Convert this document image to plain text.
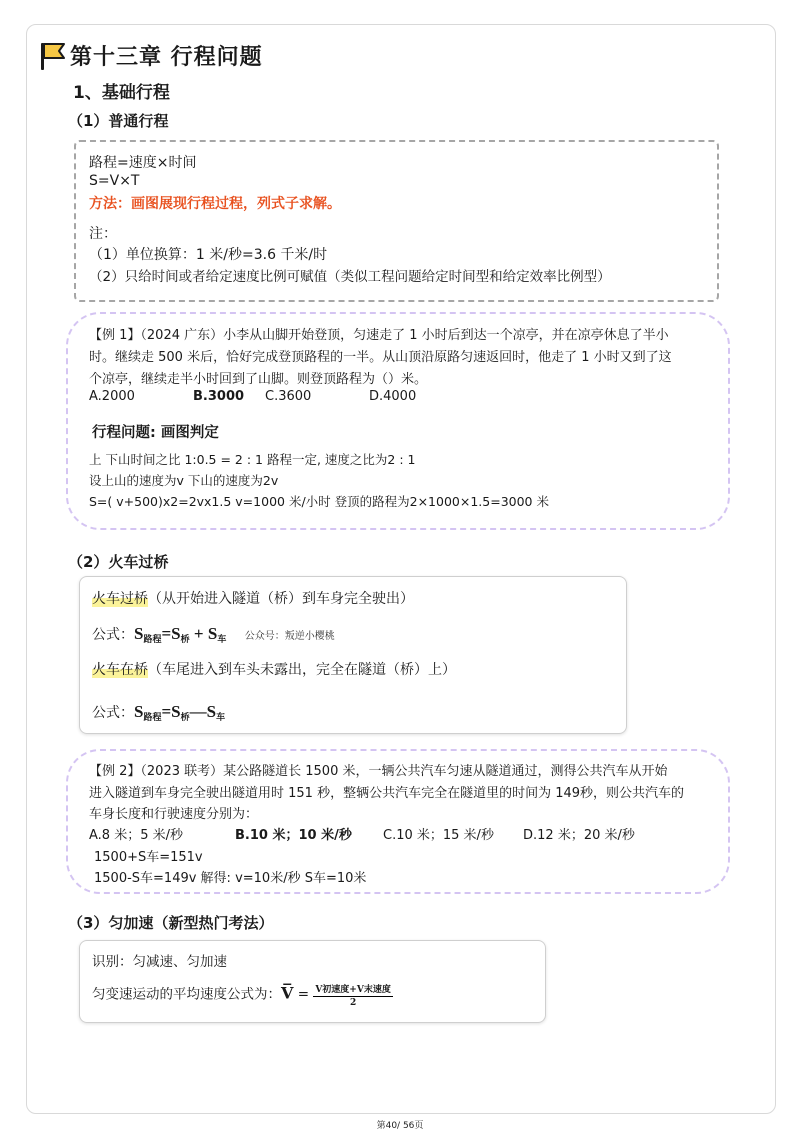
第十三章 行程问题
1、基础行程
（1）普通行程
路程=速度×时间
S=V×T
方法：画图展现行程过程，列式子求解。
注：
（1）单位换算：1 米/秒=3.6 千米/时
（2）只给时间或者给定速度比例可赋值（类似工程问题给定时间型和给定效率比例型）
【例 1】（2024 广东）小李从山脚开始登顶，匀速走了 1 小时后到达一个凉亭，并在凉亭休息了半小
时。继续走 500 米后，恰好完成登顶路程的一半。从山顶沿原路匀速返回时，他走了 1 小时又到了这
个凉亭，继续走半小时回到了山脚。则登顶路程为（）米。
A.2000	B.3000 C.3600	D.4000
行程问题: 画图判定
上 下山时间之比 1:0.5 = 2 : 1 路程一定, 速度之比为2 : 1
设上山的速度为v 下山的速度为2v
S=( v+500)x2=2vx1.5 v=1000 米/小时 登顶的路程为2×1000×1.5=3000 米
（2）火车过桥
火车过桥（从开始进入隧道（桥）到车身完全驶出）
公式：$S_{路程}=S_桥 + S_车$ 公众号：叛逆小樱桃
火车在桥（车尾进入到车头未露出，完全在隧道（桥）上）
公式：$S_{路程}=S_桥—S_车$
【例 2】（2023 联考）某公路隧道长 1500 米，一辆公共汽车匀速从隧道通过，测得公共汽车从开始
进入隧道到车身完全驶出隧道用时 151 秒，整辆公共汽车完全在隧道里的时间为 149秒，则公共汽车的
车身长度和行驶速度分别为：
A.8 米；5 米/秒	B.10 米；10 米/秒 C.10 米；15 米/秒 D.12 米；20 米/秒
1500+S车=151v
1500-S车=149v 解得: v=10米/秒 S车=10米
（3）匀加速（新型热门考法）
识别：匀减速、匀加速
匀变速运动的平均速度公式为：V̅ = $\frac{\text{V初速度+V末速度}}{2}$
第40/ 56页
